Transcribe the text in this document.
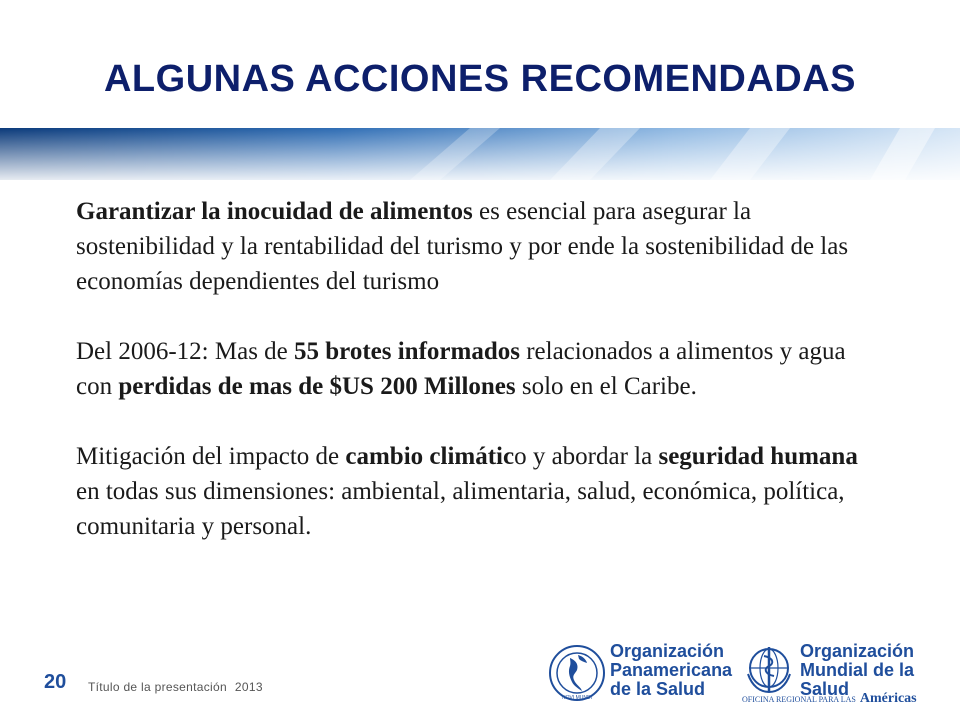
ALGUNAS ACCIONES RECOMENDADAS

Garantizar la inocuidad de alimentos es esencial para asegurar la sostenibilidad y la rentabilidad del turismo y por ende la sostenibilidad de las economías dependientes del turismo

Del 2006-12: Mas de 55 brotes informados relacionados a alimentos y agua con perdidas de mas de $US 200 Millones solo en el Caribe.

Mitigación del impacto de cambio climático y abordar la seguridad humana en todas sus dimensiones: ambiental, alimentaria, salud, económica, política, comunitaria y personal.

20 Título de la presentación 2013
NOVI MUNDI
Organización
Panamericana
de la Salud
Organización
Mundial de la Salud
OFICINA REGIONAL PARA LAS Américas
